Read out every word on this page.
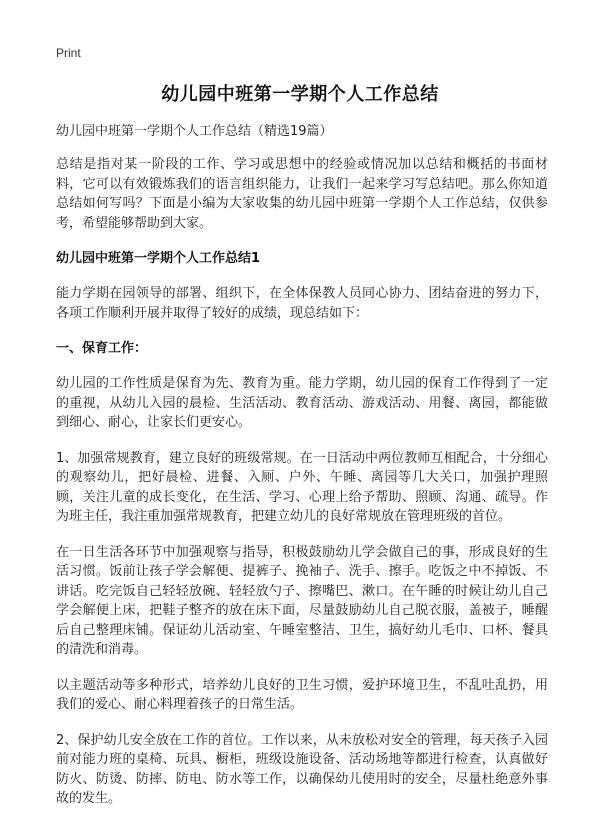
Print
幼儿园中班第一学期个人工作总结

幼儿园中班第一学期个人工作总结（精选19篇）

总结是指对某一阶段的工作、学习或思想中的经验或情况加以总结和概括的书面材料，它可以有效锻炼我们的语言组织能力，让我们一起来学习写总结吧。那么你知道总结如何写吗？下面是小编为大家收集的幼儿园中班第一学期个人工作总结，仅供参考，希望能够帮助到大家。

幼儿园中班第一学期个人工作总结1

能力学期在园领导的部署、组织下，在全体保教人员同心协力、团结奋进的努力下，各项工作顺利开展并取得了较好的成绩，现总结如下：

一、保育工作：

幼儿园的工作性质是保育为先、教育为重。能力学期，幼儿园的保育工作得到了一定的重视，从幼儿入园的晨检、生活活动、教育活动、游戏活动、用餐、离园，都能做到细心、耐心，让家长们更安心。

1、加强常规教育，建立良好的班级常规。在一日活动中两位教师互相配合，十分细心的观察幼儿，把好晨检、进餐、入厕、户外、午睡、离园等几大关口，加强护理照顾，关注儿童的成长变化，在生活、学习、心理上给予帮助、照顾、沟通、疏导。作为班主任，我注重加强常规教育，把建立幼儿的良好常规放在管理班级的首位。

在一日生活各环节中加强观察与指导，积极鼓励幼儿学会做自己的事，形成良好的生活习惯。饭前让孩子学会解便、提裤子、挽袖子、洗手、擦手。吃饭之中不掉饭、不讲话。吃完饭自己轻轻放碗、轻轻放勺子、擦嘴巴、漱口。在午睡的时候让幼儿自己学会解便上床，把鞋子整齐的放在床下面，尽量鼓励幼儿自己脱衣服，盖被子，睡醒后自己整理床铺。保证幼儿活动室、午睡室整洁、卫生，搞好幼儿毛巾、口杯、餐具的清洗和消毒。

以主题活动等多种形式，培养幼儿良好的卫生习惯，爱护环境卫生，不乱吐乱扔，用我们的爱心、耐心料理着孩子的日常生活。

2、保护幼儿安全放在工作的首位。工作以来，从未放松对安全的管理，每天孩子入园前对能力班的桌椅、玩具、橱柜，班级设施设备、活动场地等都进行检查，认真做好防火、防烫、防摔、防电、防水等工作，以确保幼儿使用时的安全，尽量杜绝意外事故的发生。
